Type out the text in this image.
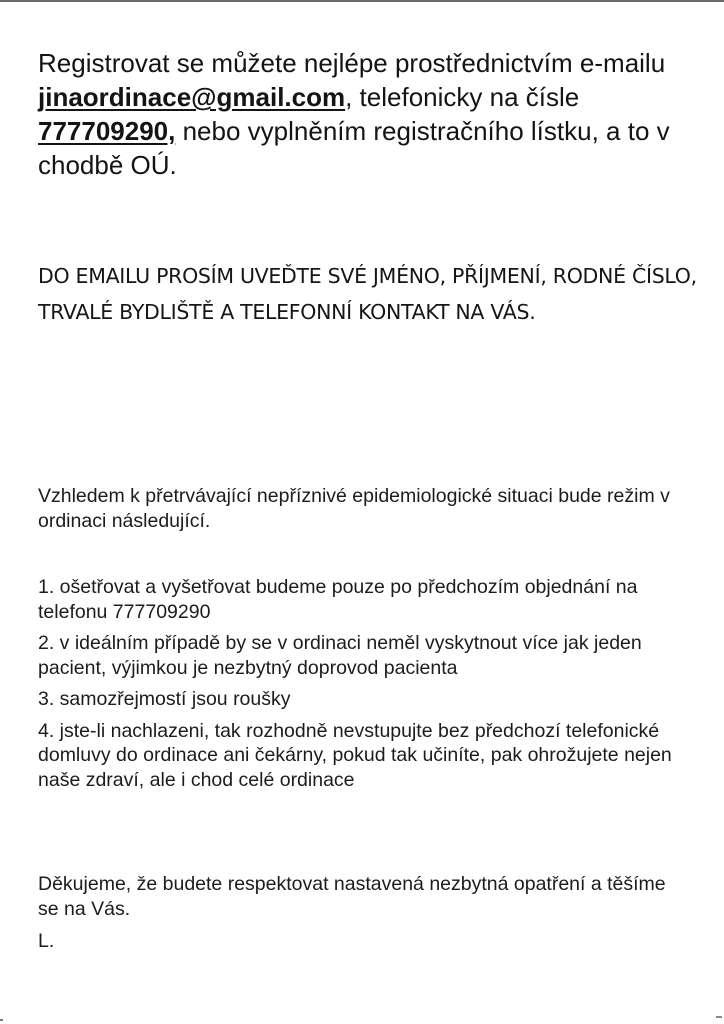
Registrovat se můžete nejlépe prostřednictvím e-mailu jinaordinace@gmail.com, telefonicky na čísle 777709290, nebo vyplněním registračního lístku, a to v chodbě OÚ.

DO EMAILU PROSÍM UVEĎTE SVÉ JMÉNO, PŘÍJMENÍ, RODNÉ ČÍSLO, TRVALÉ BYDLIŠTĚ A TELEFONNÍ KONTAKT NA VÁS.

Vzhledem k přetrvávající nepříznivé epidemiologické situaci bude režim v ordinaci následující.

1. ošetřovat a vyšetřovat budeme pouze po předchozím objednání na telefonu 777709290
2. v ideálním případě by se v ordinaci neměl vyskytnout více jak jeden pacient, výjimkou je nezbytný doprovod pacienta
3. samozřejmostí jsou roušky
4. jste-li nachlazeni, tak rozhodně nevstupujte bez předchozí telefonické domluvy do ordinace ani čekárny, pokud tak učiníte, pak ohrožujete nejen naše zdraví, ale i chod celé ordinace

Děkujeme, že budete respektovat nastavená nezbytná opatření a těšíme se na Vás.

L.
